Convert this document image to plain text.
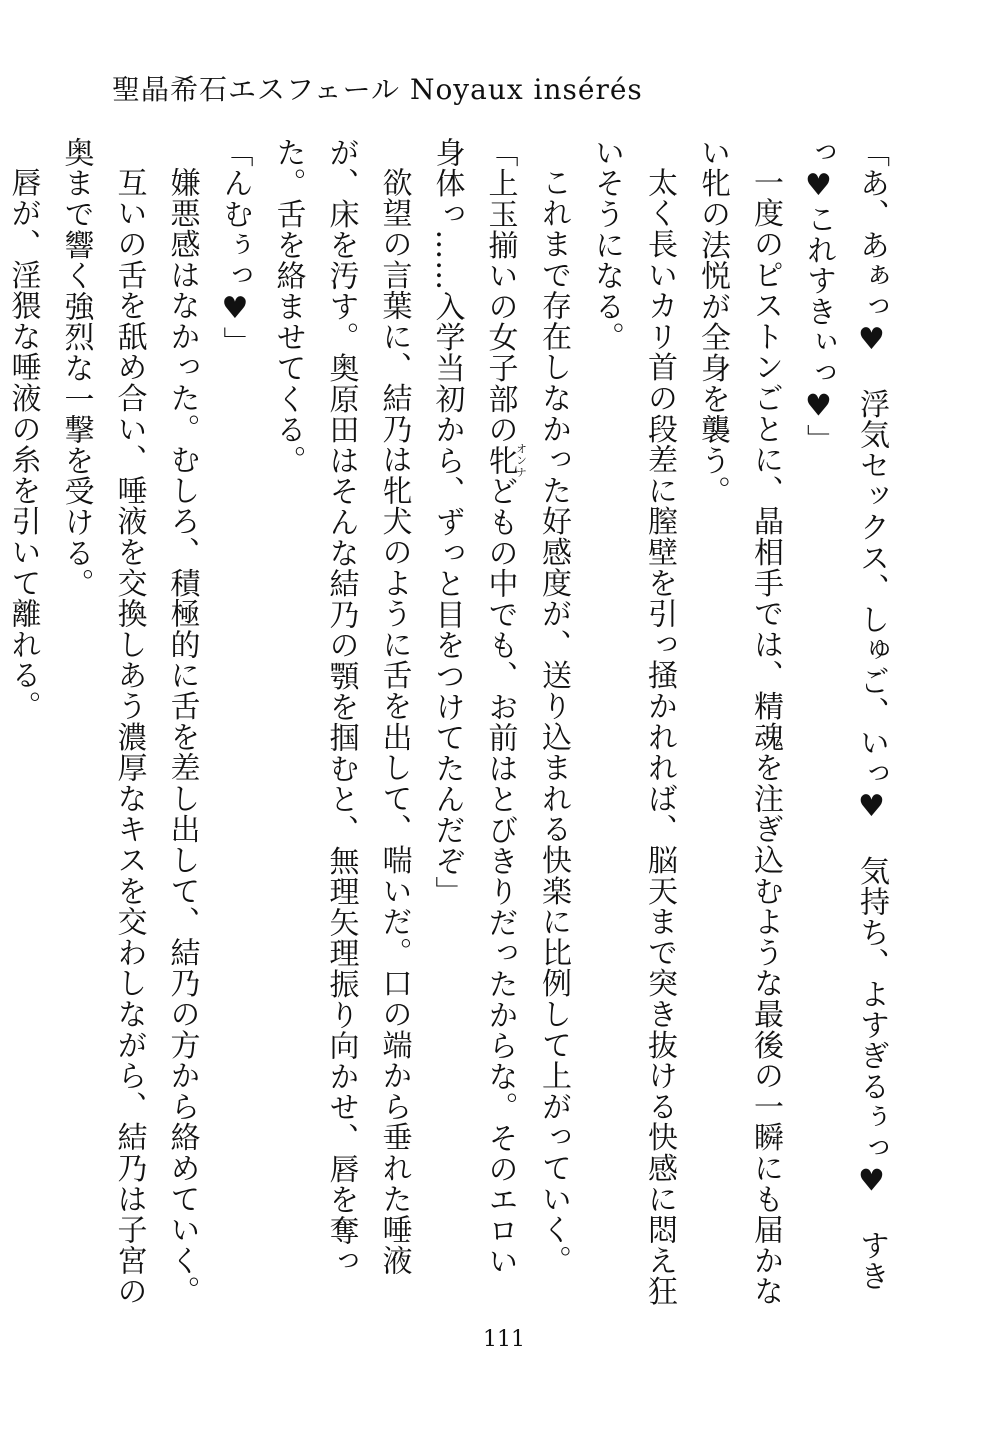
聖晶希石エスフェール Noyaux insérés

「あ、あぁっ♥　浮気セックス、しゅご、いっ♥　気持ち、よすぎるぅっ♥　すきっ♥これすきぃっ♥」

一度のピストンごとに、晶相手では、精魂を注ぎ込むような最後の一瞬にも届かない牝の法悦が全身を襲う。

太く長いカリ首の段差に膣壁を引っ掻かれれば、脳天まで突き抜ける快感に悶え狂いそうになる。

これまで存在しなかった好感度が、送り込まれる快楽に比例して上がっていく。

「上玉揃いの女子部の牝オンナどもの中でも、お前はとびきりだったからな。そのエロい身体っ……入学当初から、ずっと目をつけてたんだぞ」

欲望の言葉に、結乃は牝犬のように舌を出して、喘いだ。口の端から垂れた唾液が、床を汚す。奥原田はそんな結乃の顎を掴むと、無理矢理振り向かせ、唇を奪った。舌を絡ませてくる。

「んむぅっ♥」

嫌悪感はなかった。むしろ、積極的に舌を差し出して、結乃の方から絡めていく。

互いの舌を舐め合い、唾液を交換しあう濃厚なキスを交わしながら、結乃は子宮の奥まで響く強烈な一撃を受ける。

唇が、淫猥な唾液の糸を引いて離れる。

111
